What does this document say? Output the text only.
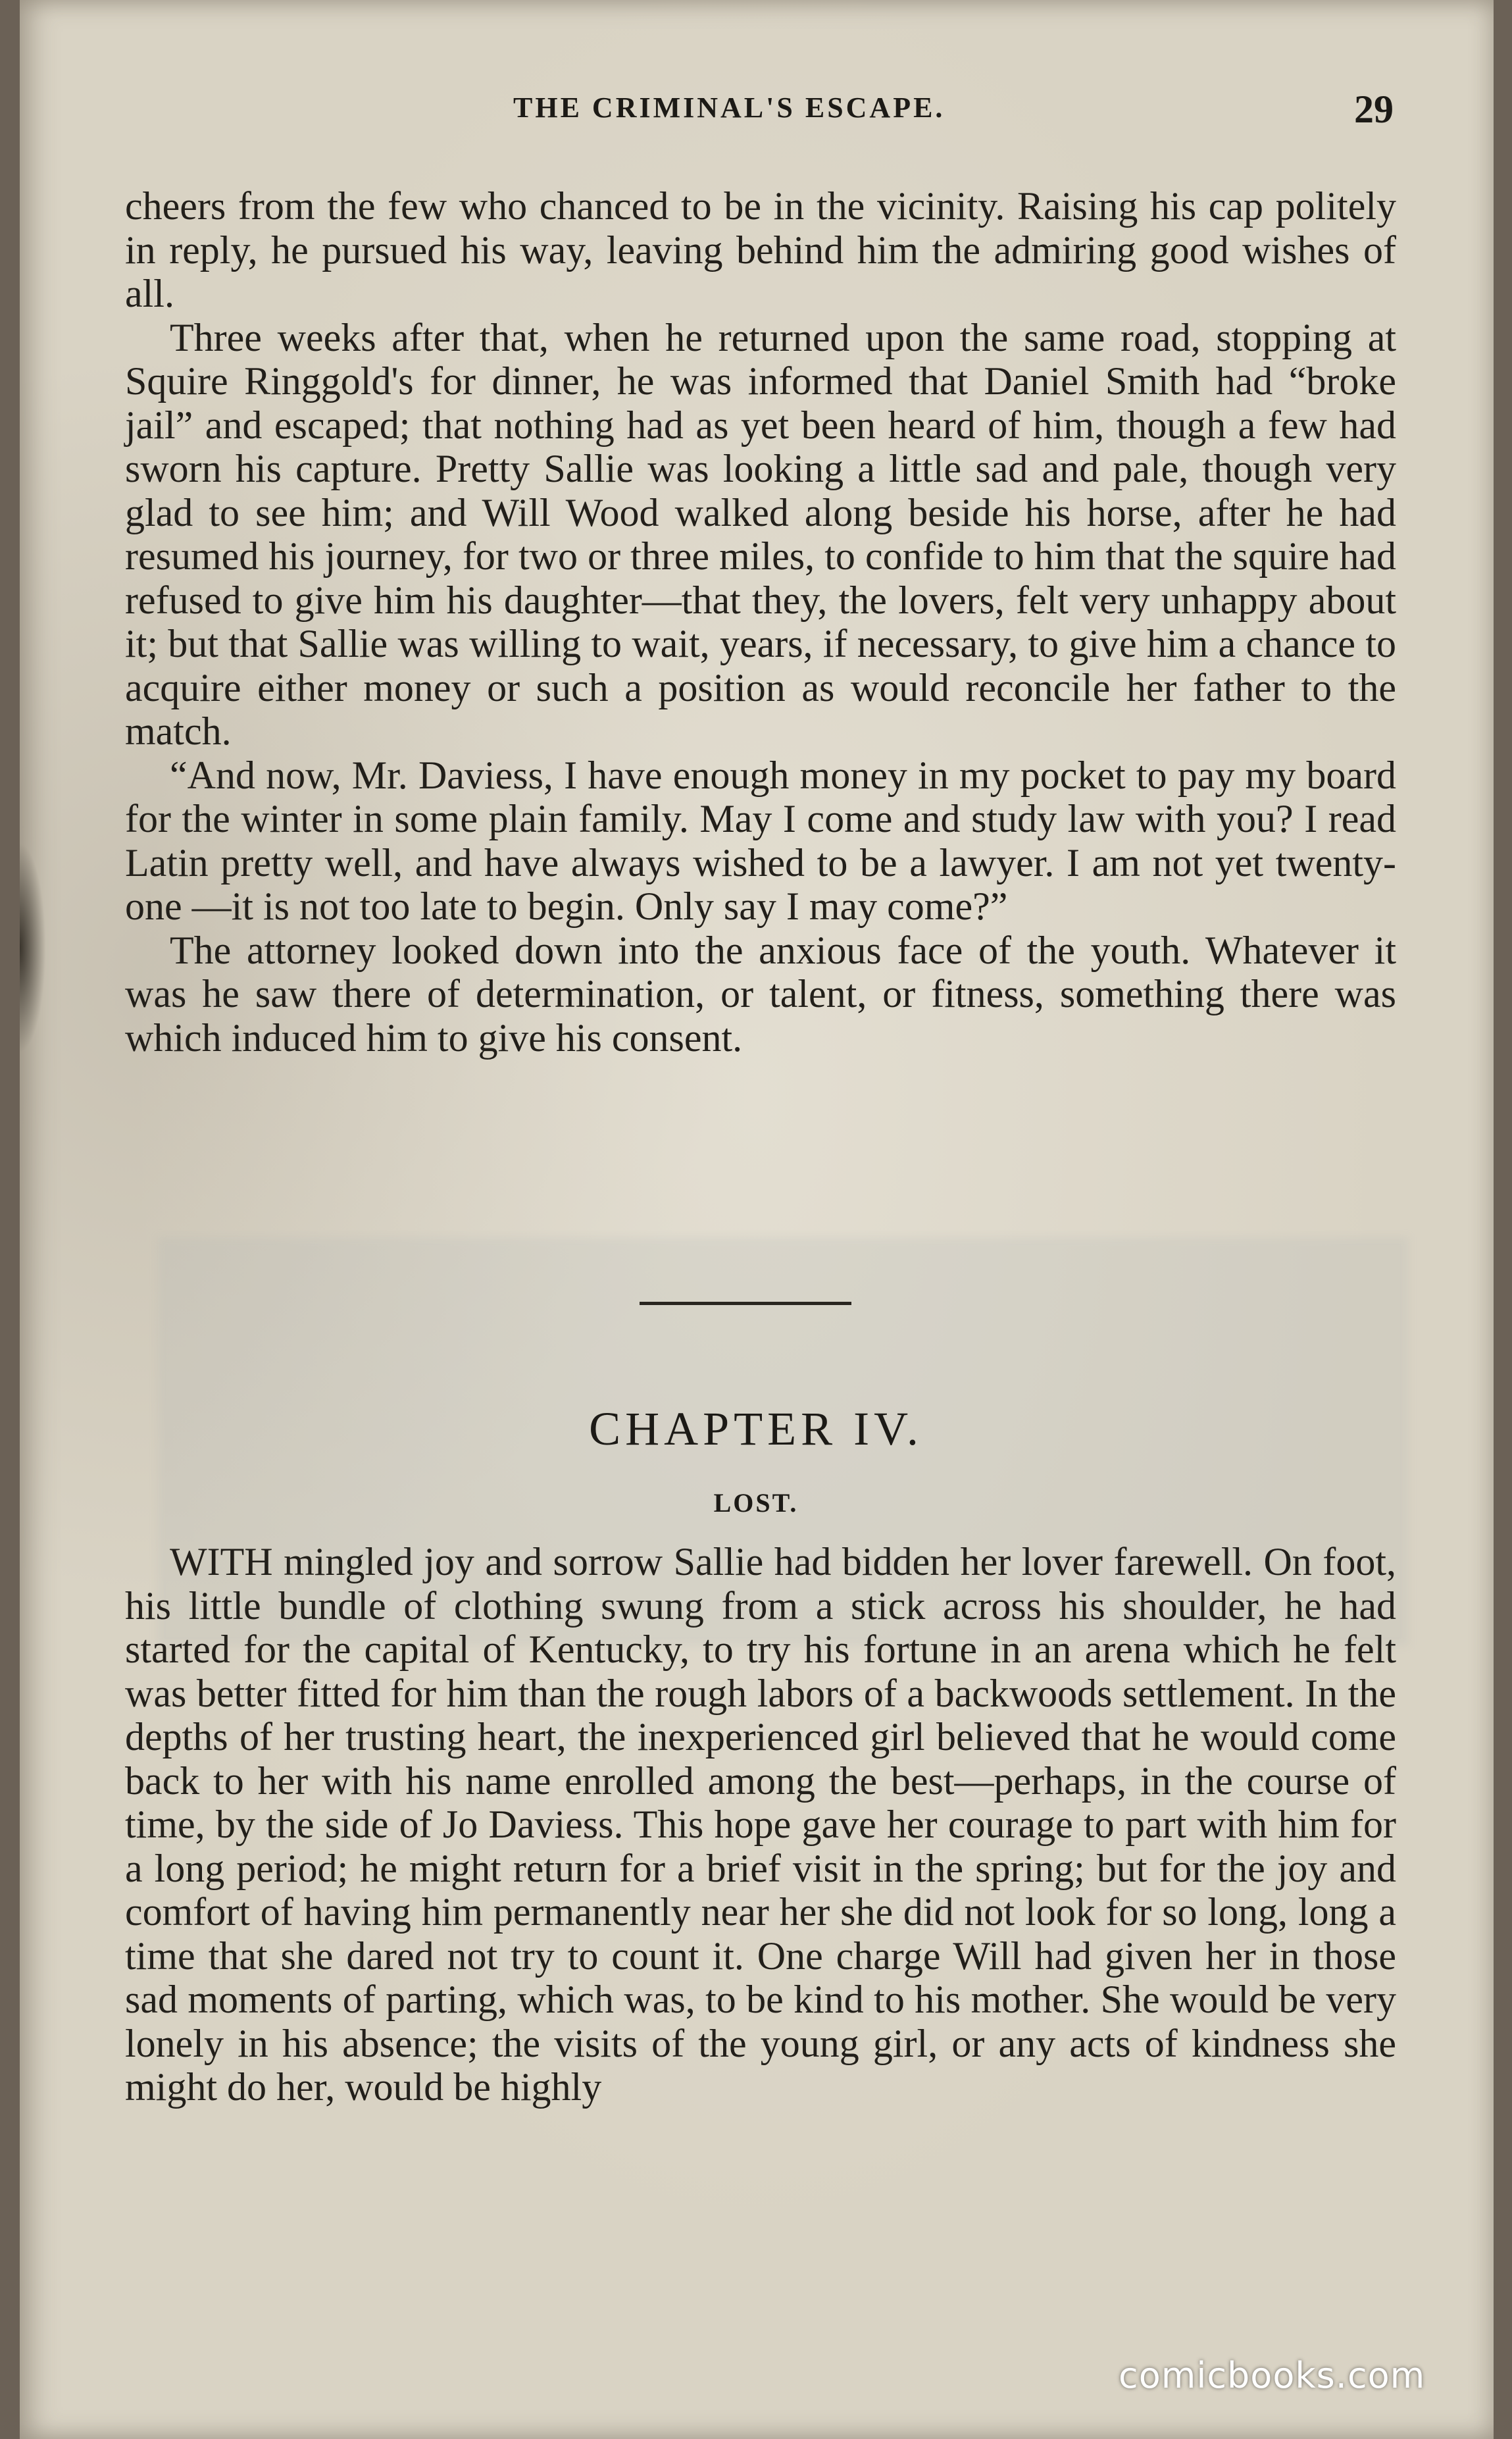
THE CRIMINAL'S ESCAPE.	29

cheers from the few who chanced to be in the vicinity. Raising his cap politely in reply, he pursued his way, leaving behind him the admiring good wishes of all.

Three weeks after that, when he returned upon the same road, stopping at Squire Ringgold's for dinner, he was informed that Daniel Smith had “broke jail” and escaped; that nothing had as yet been heard of him, though a few had sworn his capture. Pretty Sallie was looking a little sad and pale, though very glad to see him; and Will Wood walked along beside his horse, after he had resumed his journey, for two or three miles, to confide to him that the squire had refused to give him his daughter—that they, the lovers, felt very unhappy about it; but that Sallie was willing to wait, years, if necessary, to give him a chance to acquire either money or such a position as would reconcile her father to the match.

“And now, Mr. Daviess, I have enough money in my pocket to pay my board for the winter in some plain family. May I come and study law with you? I read Latin pretty well, and have always wished to be a lawyer. I am not yet twenty-one —it is not too late to begin. Only say I may come?”

The attorney looked down into the anxious face of the youth. Whatever it was he saw there of determination, or talent, or fitness, something there was which induced him to give his consent.

CHAPTER IV.
LOST.

WITH mingled joy and sorrow Sallie had bidden her lover farewell. On foot, his little bundle of clothing swung from a stick across his shoulder, he had started for the capital of Kentucky, to try his fortune in an arena which he felt was better fitted for him than the rough labors of a backwoods settlement. In the depths of her trusting heart, the inexperienced girl believed that he would come back to her with his name enrolled among the best—perhaps, in the course of time, by the side of Jo Daviess. This hope gave her courage to part with him for a long period; he might return for a brief visit in the spring; but for the joy and comfort of having him permanently near her she did not look for so long, long a time that she dared not try to count it. One charge Will had given her in those sad moments of parting, which was, to be kind to his mother. She would be very lonely in his absence; the visits of the young girl, or any acts of kindness she might do her, would be highly

comicbooks.com
